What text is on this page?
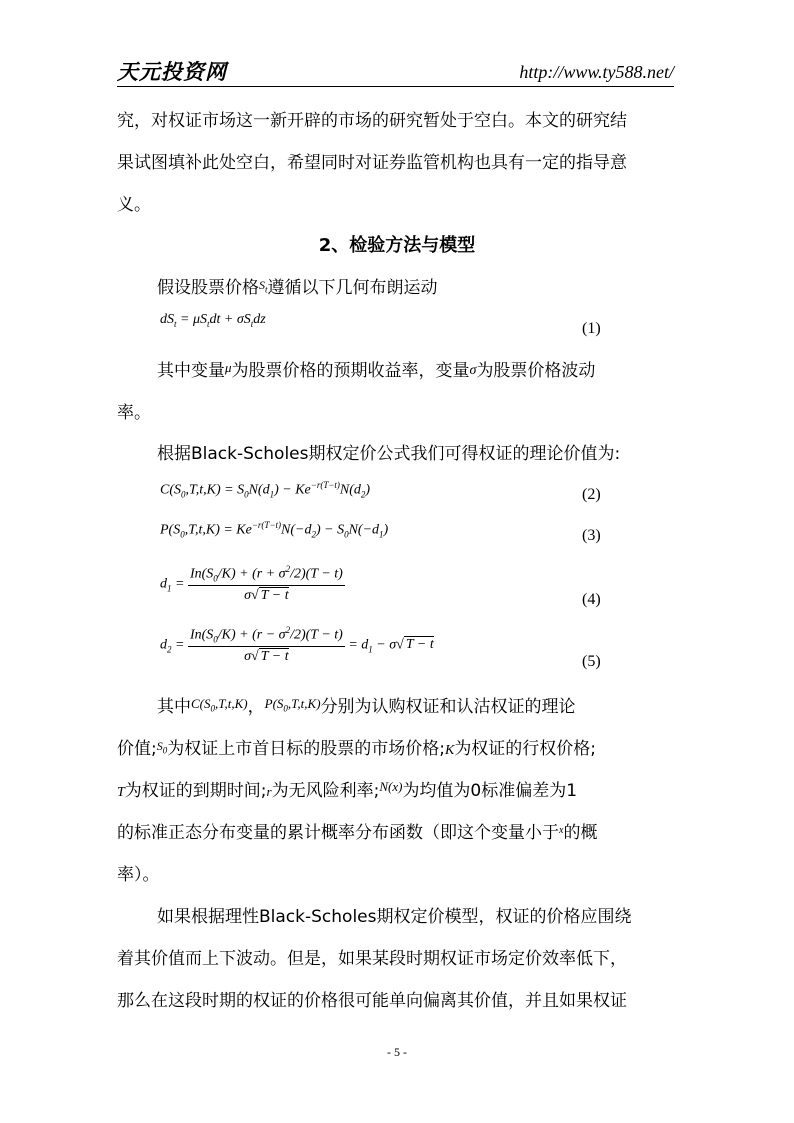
天元投资网	http://www.ty588.net/
究，对权证市场这一新开辟的市场的研究暂处于空白。本文的研究结
果试图填补此处空白，希望同时对证券监管机构也具有一定的指导意
义。
2、检验方法与模型
假设股票价格$^{S_t}$遵循以下几何布朗运动
$dS_t = \mu S_tdt + \sigma S_tdz$
(1)
其中变量$^\mu$为股票价格的预期收益率，变量σ为股票价格波动
率。
根据Black-Scholes期权定价公式我们可得权证的理论价值为:
$C(S_0,T,t,K) = S_0N(d_1) - Ke^{-r(T-t)}N(d_2)$	(2)
$P(S_0,T,t,K) = Ke^{-r(T-t)}N(-d_2) - S_0N(-d_1)$	(3)
$d_1 = \frac{In(S_0/K) + (r + \sigma^2/2)(T - t)}{\sigma√ T - t}$	(4)
$d_2 = \frac{In(S_0/K) + (r - \sigma^2/2)(T - t)}{\sigma√ T - t} = d_1 - \sigma√$ T − t
(5)
其中$^{C(S_0,T,t,K)}$，$^{P(S_0,T,t,K)}$分别为认购权证和认沽权证的理论
价值;$^{S_0}$为权证上市首日标的股票的市场价格;K为权证的行权价格;
T为权证的到期时间;r为无风险利率;$^{N(x)}$为均值为0标准偏差为1
的标准正态分布变量的累计概率分布函数（即这个变量小于$^x$的概
率）。
如果根据理性Black-Scholes期权定价模型，权证的价格应围绕
着其价值而上下波动。但是，如果某段时期权证市场定价效率低下，
那么在这段时期的权证的价格很可能单向偏离其价值，并且如果权证
- 5 -
